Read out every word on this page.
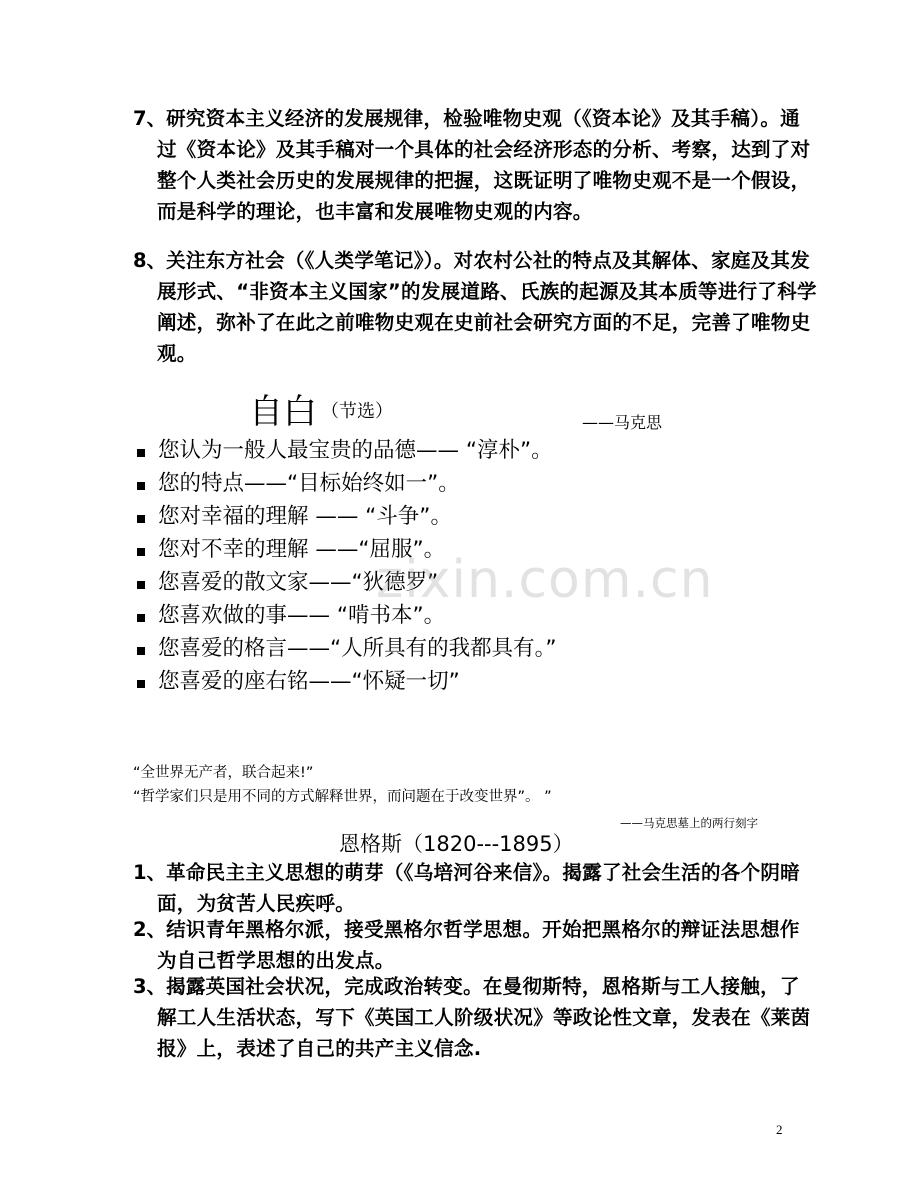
7、研究资本主义经济的发展规律，检验唯物史观（《资本论》及其手稿）。通过《资本论》及其手稿对一个具体的社会经济形态的分析、考察，达到了对整个人类社会历史的发展规律的把握，这既证明了唯物史观不是一个假设，而是科学的理论，也丰富和发展唯物史观的内容。
8、关注东方社会（《人类学笔记》）。对农村公社的特点及其解体、家庭及其发展形式、“非资本主义国家”的发展道路、氏族的起源及其本质等进行了科学阐述，弥补了在此之前唯物史观在史前社会研究方面的不足，完善了唯物史观。
自白 （节选）
——马克思
您认为一般人最宝贵的品德—— “淳朴”。
您的特点——“目标始终如一”。
您对幸福的理解 —— “斗争”。
您对不幸的理解 ——“屈服”。
您喜爱的散文家——“狄德罗”
您喜欢做的事—— “啃书本”。
您喜爱的格言——“人所具有的我都具有。”
您喜爱的座右铭——“怀疑一切”
zixin.com.cn
“全世界无产者，联合起来!”
“哲学家们只是用不同的方式解释世界，而问题在于改变世界”。 ”
——马克思墓上的两行刻字
恩格斯（1820---1895）
1、革命民主主义思想的萌芽（《乌培河谷来信》。揭露了社会生活的各个阴暗面，为贫苦人民疾呼。
2、结识青年黑格尔派，接受黑格尔哲学思想。开始把黑格尔的辩证法思想作为自己哲学思想的出发点。
3、揭露英国社会状况，完成政治转变。在曼彻斯特，恩格斯与工人接触，了解工人生活状态，写下《英国工人阶级状况》等政论性文章，发表在《莱茵报》上，表述了自己的共产主义信念.
2
